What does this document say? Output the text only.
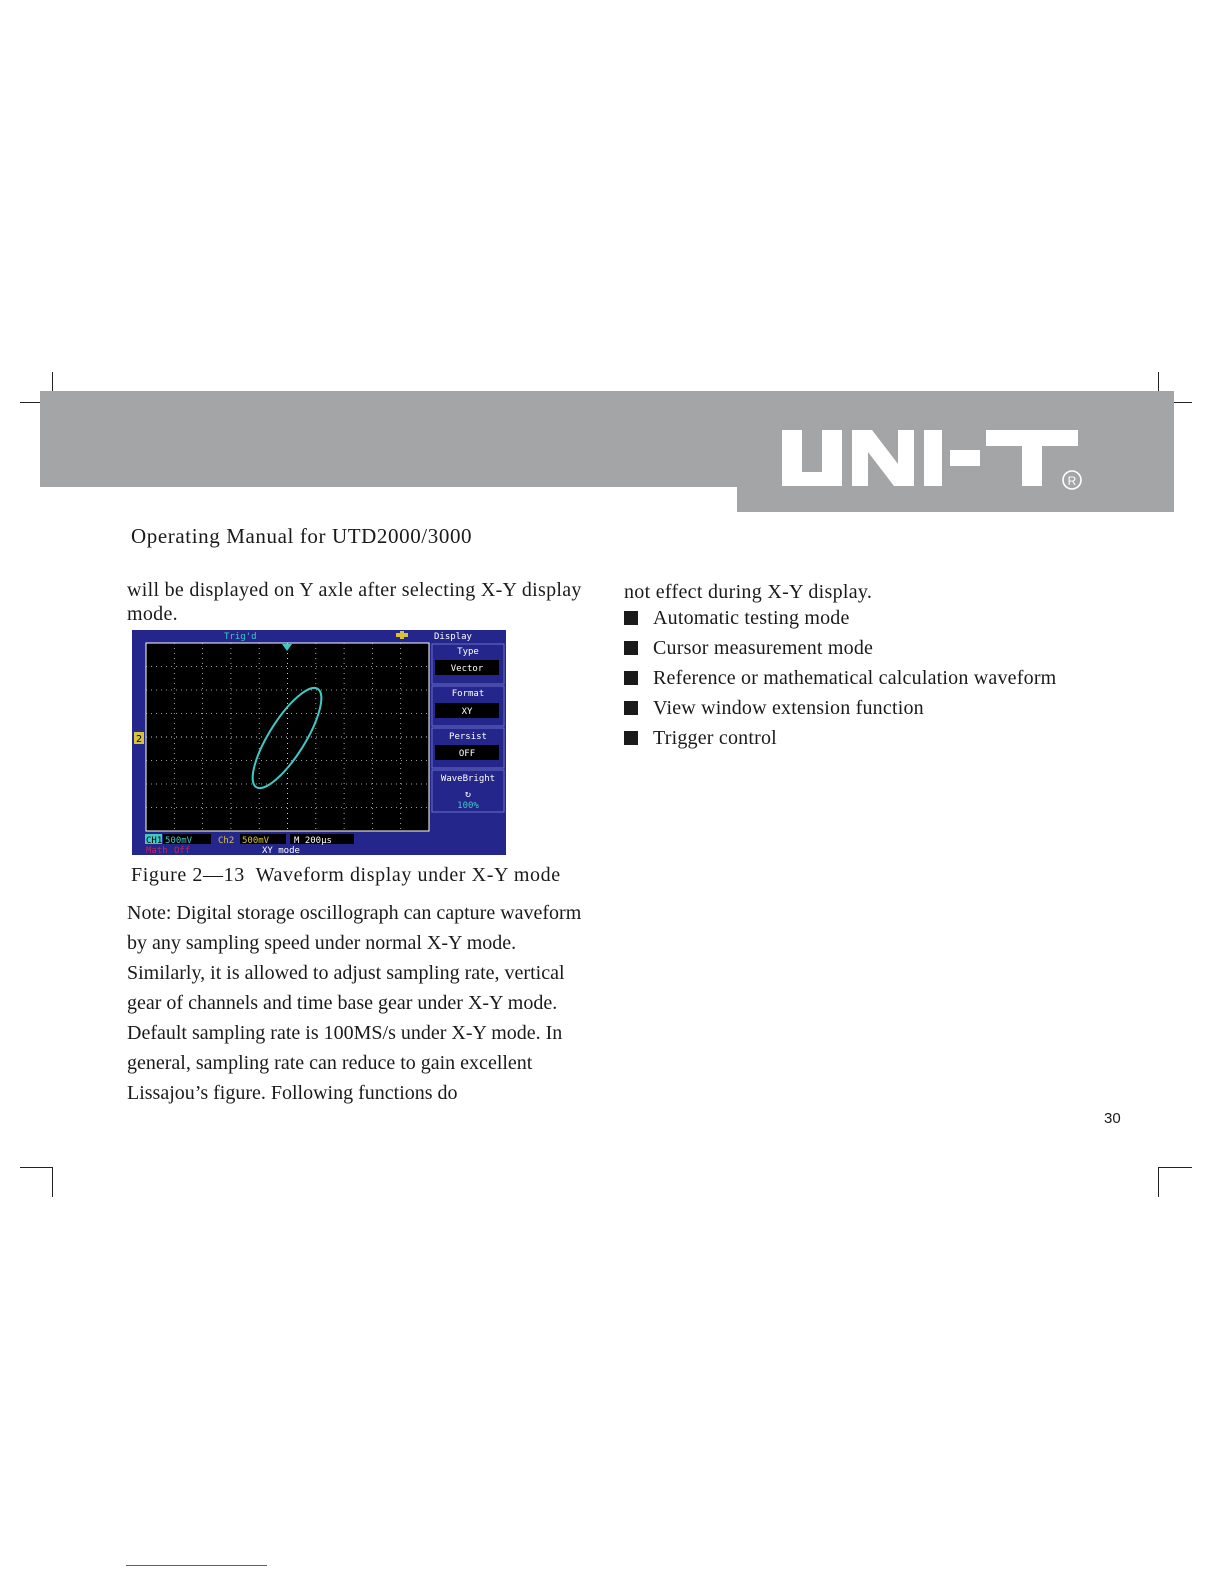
R
UNI-T
Operating Manual for UTD2000/3000
will be displayed on Y axle after selecting X-Y display mode.
2
Trig'd	Display
Type
Vector
Format
XY
Persist
OFF
WaveBright
↻
100%
CH1 500mV	Ch2 500mV	M 200µs
Math Off	XY mode
Figure 2—13  Waveform display under X-Y mode
Note: Digital storage oscillograph can capture waveform by any sampling speed under normal X-Y mode. Similarly, it is allowed to adjust sampling rate, vertical gear of channels and time base gear under X-Y mode. Default sampling rate is 100MS/s under X-Y mode. In general, sampling rate can reduce to gain excellent Lissajou’s figure. Following functions do
not effect during X-Y display.
Automatic testing mode
Cursor measurement mode
Reference or mathematical calculation waveform
View window extension function
Trigger control
30
